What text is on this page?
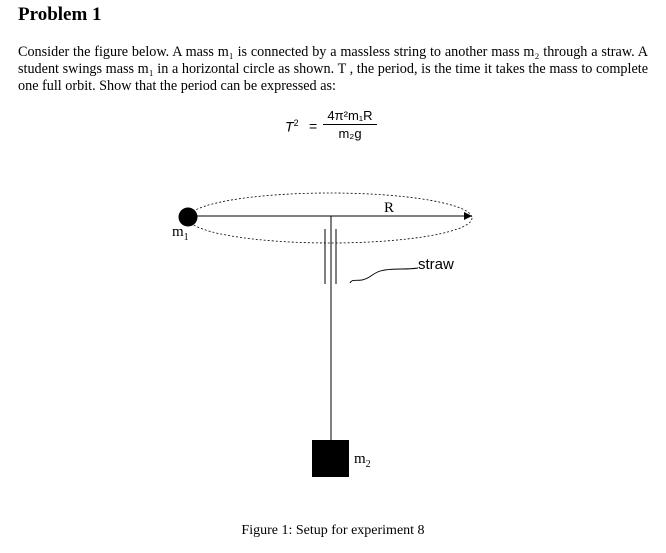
Problem 1

Consider the figure below. A mass m₁ is connected by a massless string to another mass m₂ through a straw. A student swings mass m₁ in a horizontal circle as shown. T , the period, is the time it takes the mass to complete one full orbit. Show that the period can be expressed as:

$T^2 = \frac{\text{4π²m₁R}}{\text{m₂g}}$
$m_1$
R
straw
$m_2$
Figure 1: Setup for experiment 8
